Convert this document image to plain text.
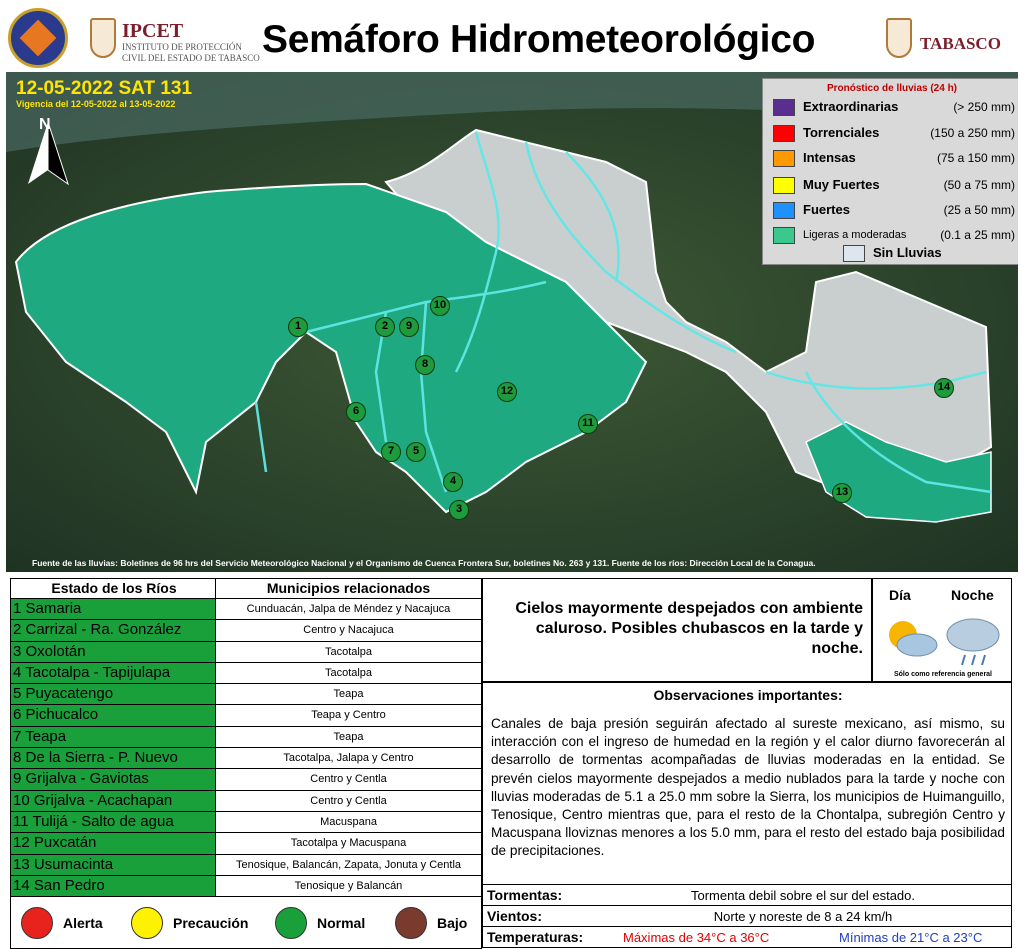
IPCET
INSTITUTO DE PROTECCIÓN CIVIL DEL ESTADO DE TABASCO Semáforo Hidrometeorológico	TABASCO
12-05-2022 SAT 131
Vigencia del 12-05-2022 al 13-05-2022
N
1	2
3
4
5
6
7
8
9
10
11
12
13
14
Pronóstico de lluvias (24 h)
Extraordinarias	(> 250 mm)
Torrenciales	(150 a 250 mm)
Intensas	(75 a 150 mm)
Muy Fuertes	(50 a 75 mm)
Fuertes	(25 a 50 mm)
Ligeras a moderadas	(0.1 a 25 mm)
Sin Lluvias
Fuente de las lluvias: Boletines de 96 hrs del Servicio Meteorológico Nacional y el Organismo de Cuenca Frontera Sur, boletines No. 263 y 131. Fuente de los ríos: Dirección Local de la Conagua.
Estado de los Ríos	Municipios relacionados
1 Samaria	Cunduacán, Jalpa de Méndez y Nacajuca
2 Carrizal - Ra. González	Centro y Nacajuca
3 Oxolotán	Tacotalpa
4 Tacotalpa - Tapijulapa	Tacotalpa
5 Puyacatengo	Teapa
6 Pichucalco	Teapa y Centro
7 Teapa	Teapa
8 De la Sierra - P. Nuevo	Tacotalpa, Jalapa y Centro
9 Grijalva - Gaviotas	Centro y Centla
10 Grijalva - Acachapan	Centro y Centla
11 Tulijá - Salto de agua	Macuspana
12 Puxcatán	Tacotalpa y Macuspana
13 Usumacinta	Tenosique, Balancán, Zapata, Jonuta y Centla
14 San Pedro	Tenosique y Balancán
Alerta	Precaución	Normal	Bajo
Cielos mayormente despejados con ambiente caluroso. Posibles chubascos en la tarde y noche.
Día	Noche
Sólo como referencia general
Observaciones importantes:
Canales de baja presión seguirán afectado al sureste mexicano, así mismo, su interacción con el ingreso de humedad en la región y el calor diurno favorecerán al desarrollo de tormentas acompañadas de lluvias moderadas en la entidad. Se prevén cielos mayormente despejados a medio nublados para la tarde y noche con lluvias moderadas de 5.1 a 25.0 mm sobre la Sierra, los municipios de Huimanguillo, Tenosique, Centro mientras que, para el resto de la Chontalpa, subregión Centro y Macuspana lloviznas menores a los 5.0 mm, para el resto del estado baja posibilidad de precipitaciones.
Tormentas:	Tormenta debil sobre el sur del estado.
Vientos:	Norte y noreste de 8 a 24 km/h
Temperaturas:	Máximas de 34°C a 36°C	Mínimas de 21°C a 23°C
